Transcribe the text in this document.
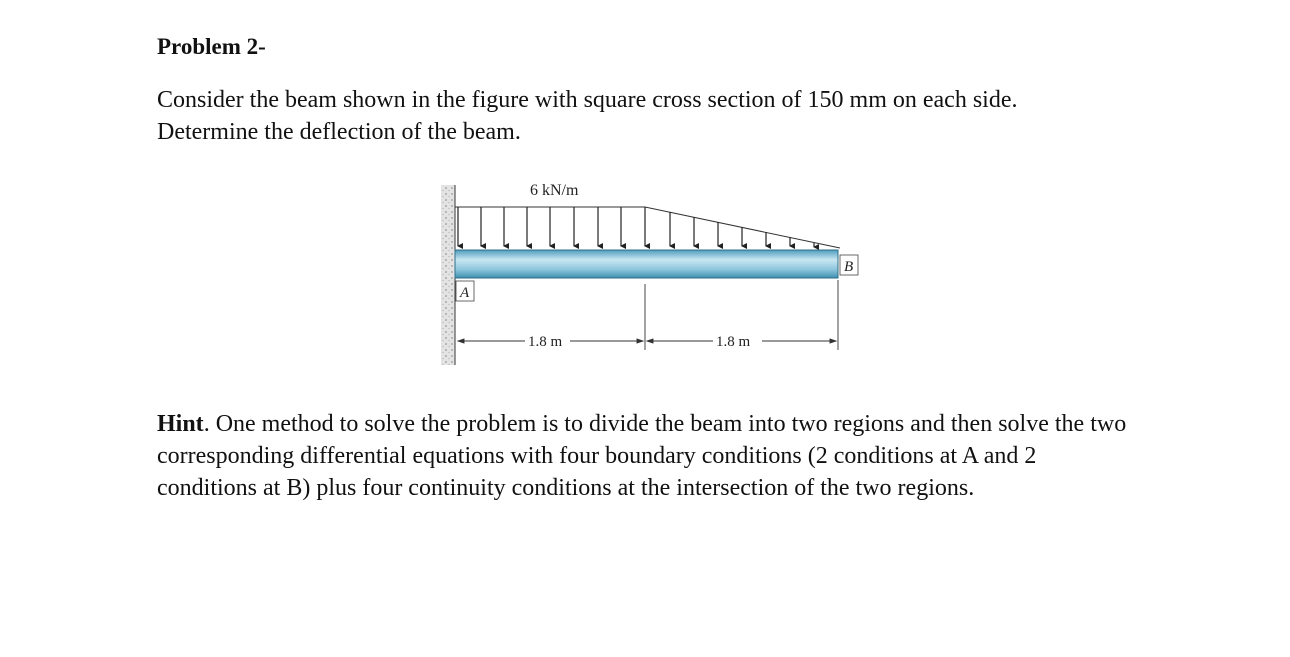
Problem 2-
Consider the beam shown in the figure with square cross section of 150 mm on each side.
Determine the deflection of the beam.
6 kN/m
A
B
1.8 m	1.8 m
Hint. One method to solve the problem is to divide the beam into two regions and then solve the two corresponding differential equations with four boundary conditions (2 conditions at A and 2 conditions at B) plus four continuity conditions at the intersection of the two regions.
